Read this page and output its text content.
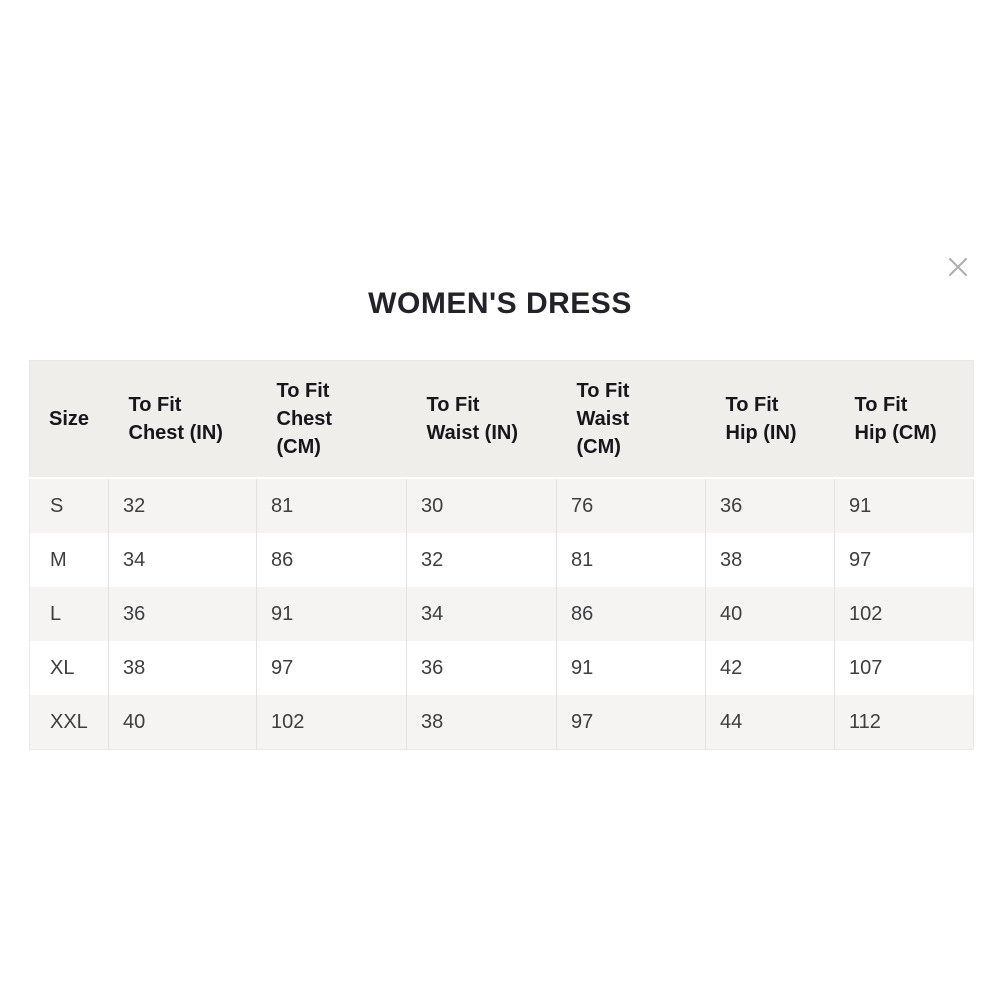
WOMEN'S DRESS
Size	To Fit Chest (IN)	To Fit Chest (CM)	To Fit Waist (IN)	To Fit Waist (CM)	To Fit Hip (IN)	To Fit Hip (CM)
S	32	81	30	76	36	91
M	34	86	32	81	38	97
L	36	91	34	86	40	102
XL	38	97	36	91	42	107
XXL	40	102	38	97	44	112
